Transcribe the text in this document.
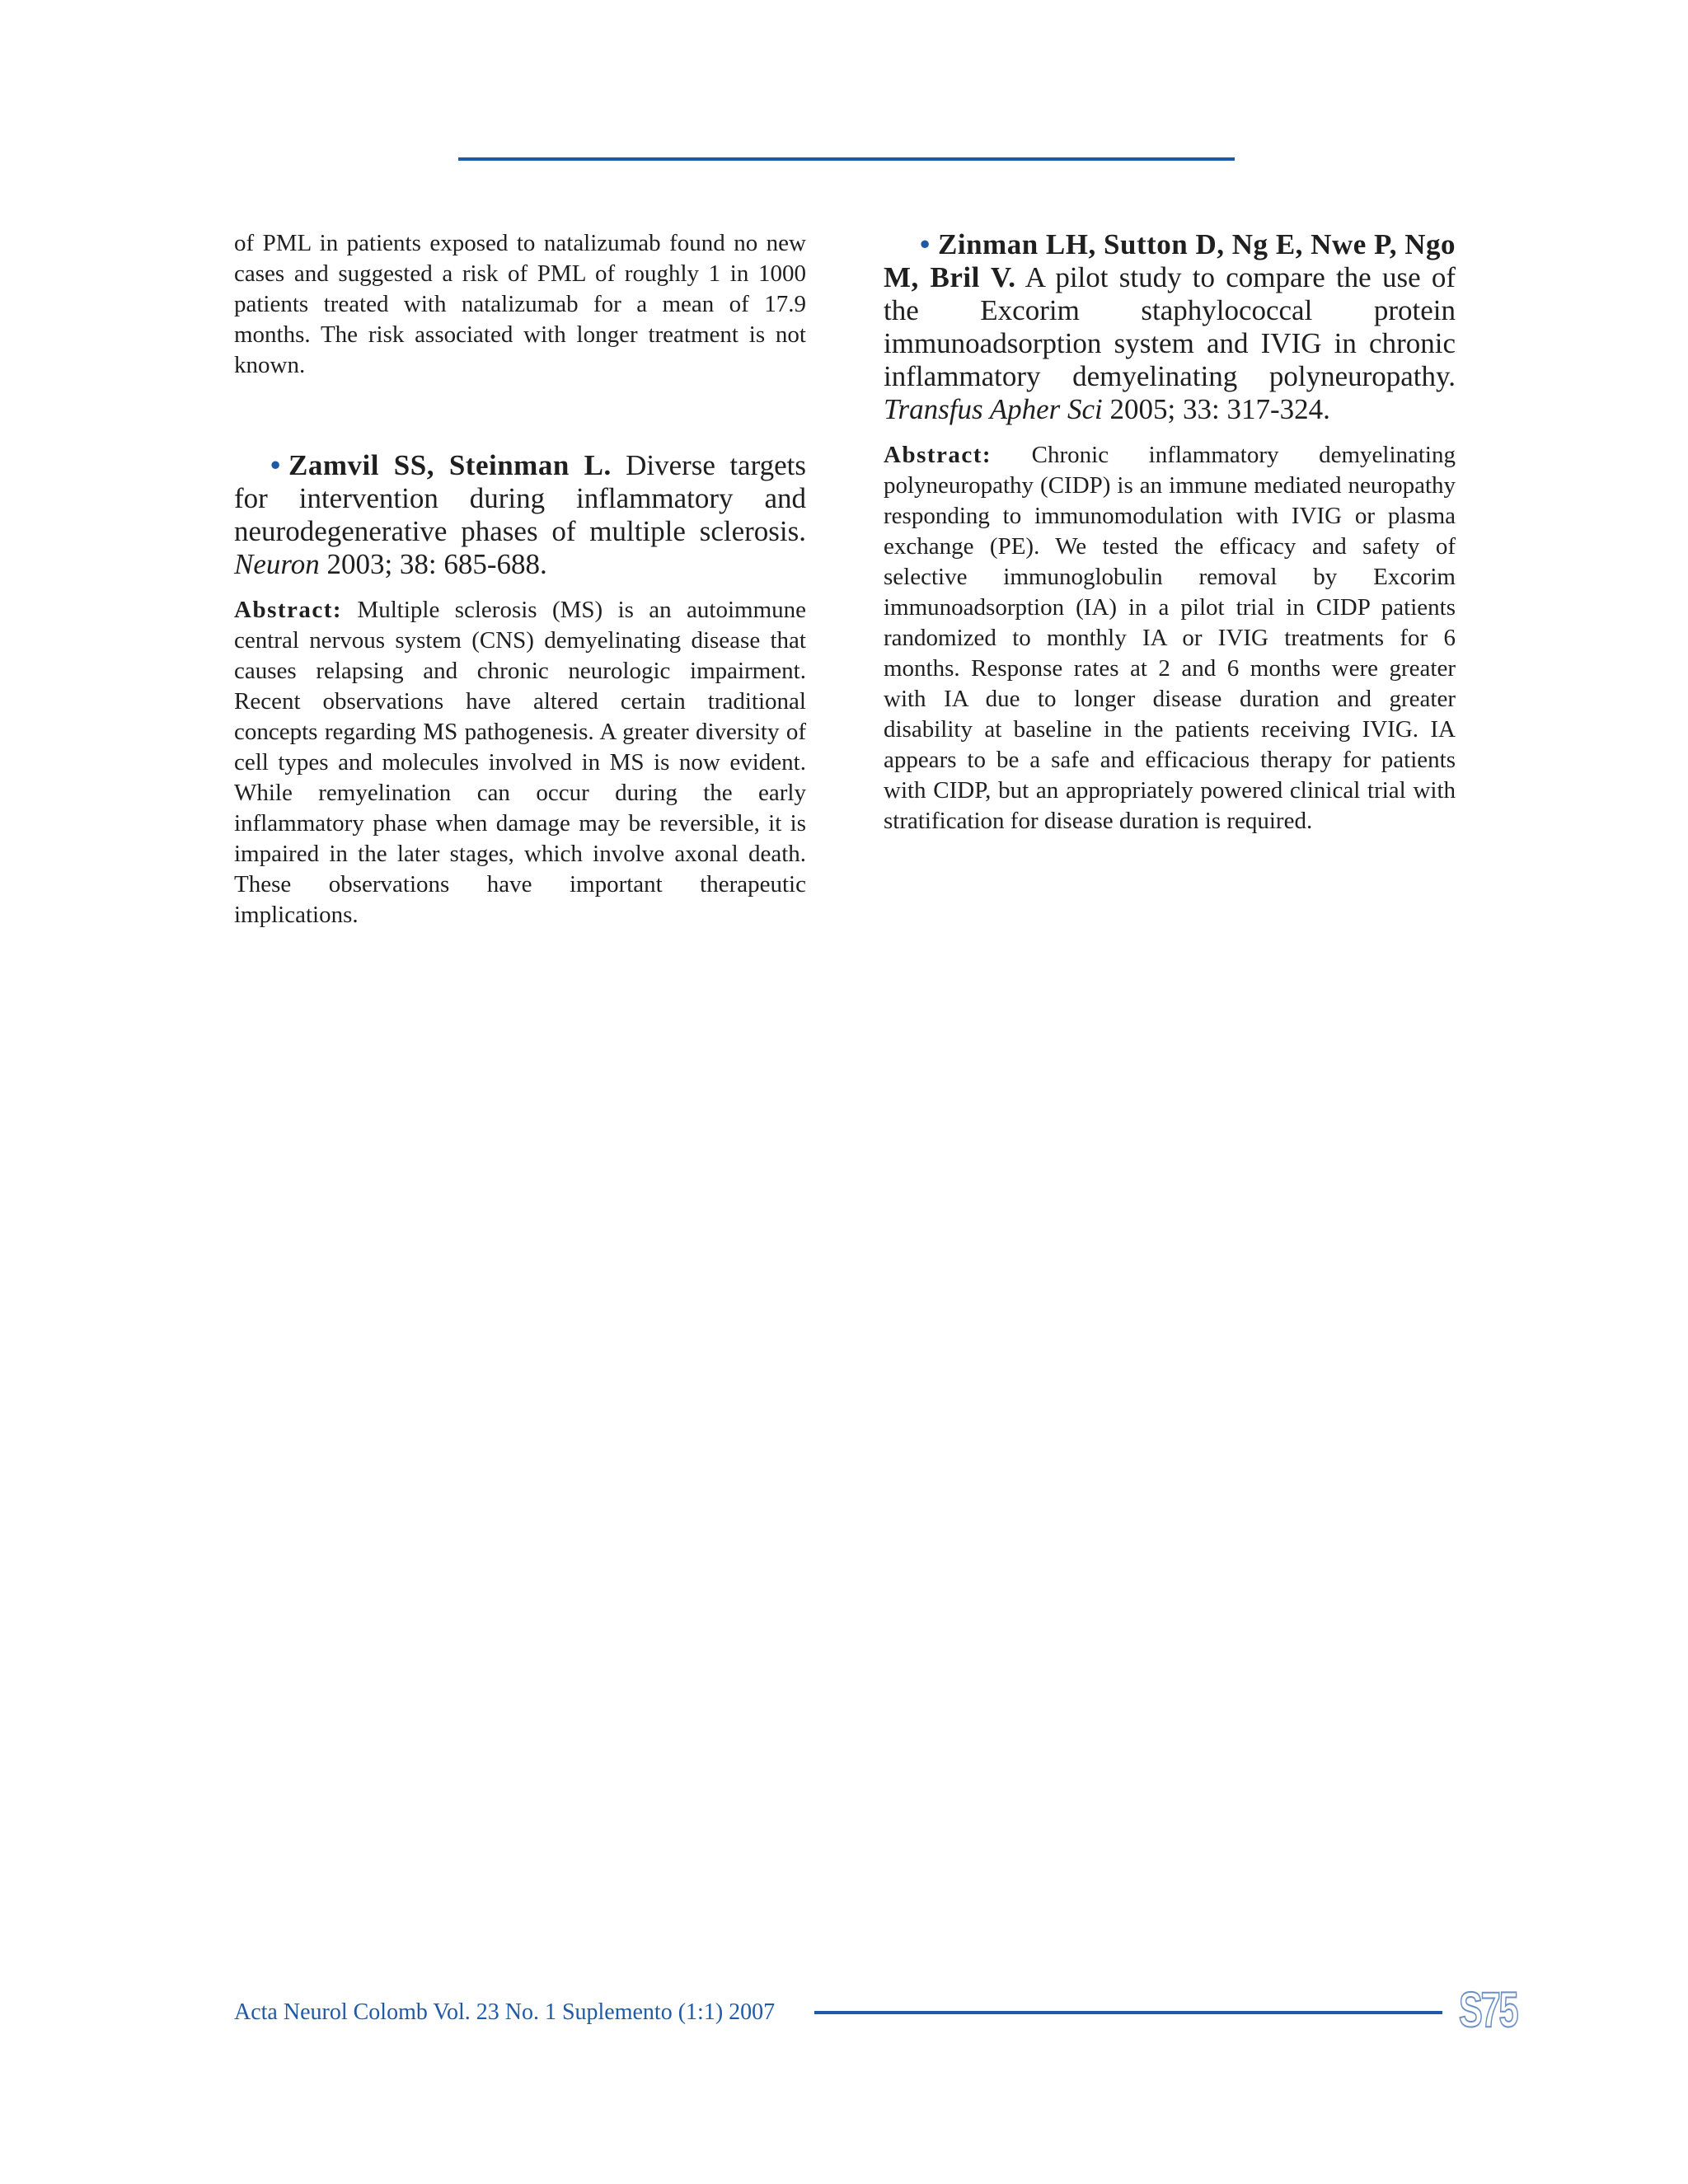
of PML in patients exposed to natalizumab found no new cases and suggested a risk of PML of roughly 1 in 1000 patients treated with natalizumab for a mean of 17.9 months. The risk associated with longer treatment is not known.

• Zamvil SS, Steinman L. Diverse targets for intervention during inflammatory and neurodegenerative phases of multiple sclerosis. Neuron 2003; 38: 685-688.

Abstract: Multiple sclerosis (MS) is an autoimmune central nervous system (CNS) demyelinating disease that causes relapsing and chronic neurologic impairment. Recent observations have altered certain traditional concepts regarding MS pathogenesis. A greater diversity of cell types and molecules involved in MS is now evident. While remyelination can occur during the early inflammatory phase when damage may be reversible, it is impaired in the later stages, which involve axonal death. These observations have important therapeutic implications.

• Zinman LH, Sutton D, Ng E, Nwe P, Ngo M, Bril V. A pilot study to compare the use of the Excorim staphylococcal protein immunoadsorption system and IVIG in chronic inflammatory demyelinating polyneuropathy. Transfus Apher Sci 2005; 33: 317-324.

Abstract: Chronic inflammatory demyelinating polyneuropathy (CIDP) is an immune mediated neuropathy responding to immunomodulation with IVIG or plasma exchange (PE). We tested the efficacy and safety of selective immunoglobulin removal by Excorim immunoadsorption (IA) in a pilot trial in CIDP patients randomized to monthly IA or IVIG treatments for 6 months. Response rates at 2 and 6 months were greater with IA due to longer disease duration and greater disability at baseline in the patients receiving IVIG. IA appears to be a safe and efficacious therapy for patients with CIDP, but an appropriately powered clinical trial with stratification for disease duration is required.

Acta Neurol Colomb Vol. 23 No. 1 Suplemento (1:1) 2007	S75
